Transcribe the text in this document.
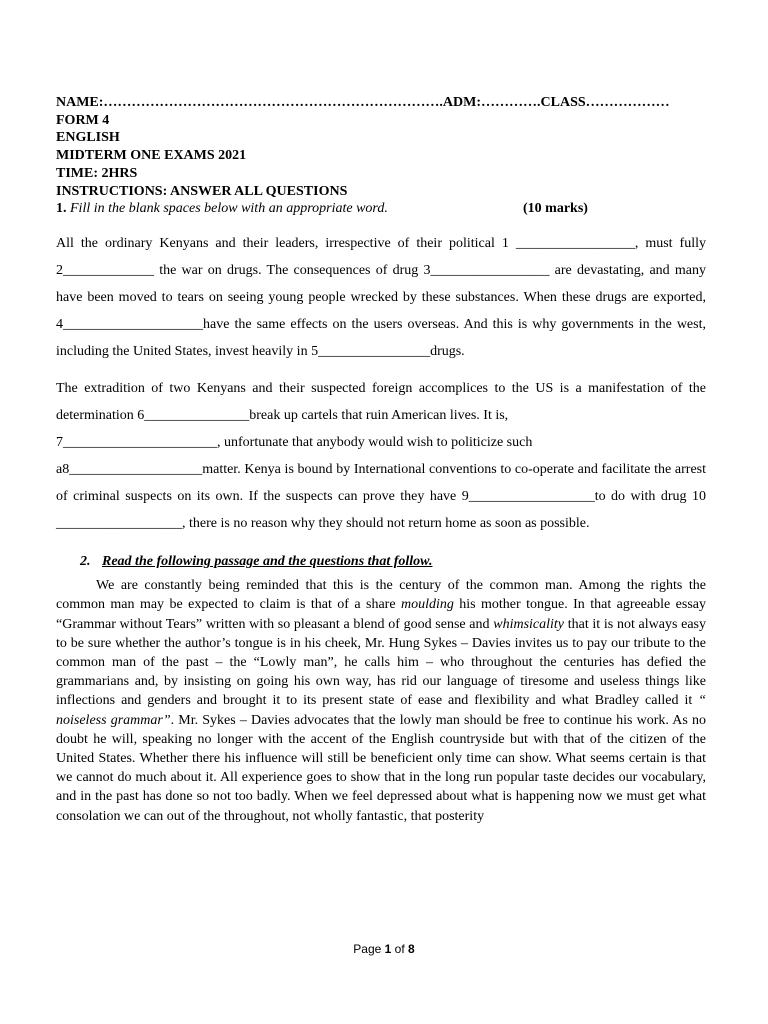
NAME:……………………………………………………………….ADM:………….CLASS………………
FORM 4
ENGLISH
MIDTERM ONE EXAMS 2021
TIME: 2HRS
INSTRUCTIONS: ANSWER ALL QUESTIONS
1. Fill in the blank spaces below with an appropriate word.	(10 marks)

All the ordinary Kenyans and their leaders, irrespective of their political 1 _________________, must fully 2_____________ the war on drugs. The consequences of drug 3_________________ are devastating, and many have been moved to tears on seeing young people wrecked by these substances. When these drugs are exported, 4____________________have the same effects on the users overseas. And this is why governments in the west, including the United States, invest heavily in 5________________drugs.

The extradition of two Kenyans and their suspected foreign accomplices to the US is a manifestation of the determination 6_______________break up cartels that ruin American lives. It is,
7______________________, unfortunate that anybody would wish to politicize such
a8___________________matter. Kenya is bound by International conventions to co-operate and facilitate the arrest of criminal suspects on its own. If the suspects can prove they have 9__________________to do with drug 10 __________________, there is no reason why they should not return home as soon as possible.
2. Read the following passage and the questions that follow.

We are constantly being reminded that this is the century of the common man. Among the rights the common man may be expected to claim is that of a share moulding his mother tongue. In that agreeable essay “Grammar without Tears” written with so pleasant a blend of good sense and whimsicality that it is not always easy to be sure whether the author’s tongue is in his cheek, Mr. Hung Sykes – Davies invites us to pay our tribute to the common man of the past – the “Lowly man”, he calls him – who throughout the centuries has defied the grammarians and, by insisting on going his own way, has rid our language of tiresome and useless things like inflections and genders and brought it to its present state of ease and flexibility and what Bradley called it “ noiseless grammar”. Mr. Sykes – Davies advocates that the lowly man should be free to continue his work. As no doubt he will, speaking no longer with the accent of the English countryside but with that of the citizen of the United States. Whether there his influence will still be beneficient only time can show. What seems certain is that we cannot do much about it. All experience goes to show that in the long run popular taste decides our vocabulary, and in the past has done so not too badly. When we feel depressed about what is happening now we must get what consolation we can out of the throughout, not wholly fantastic, that posterity

Page 1 of 8
